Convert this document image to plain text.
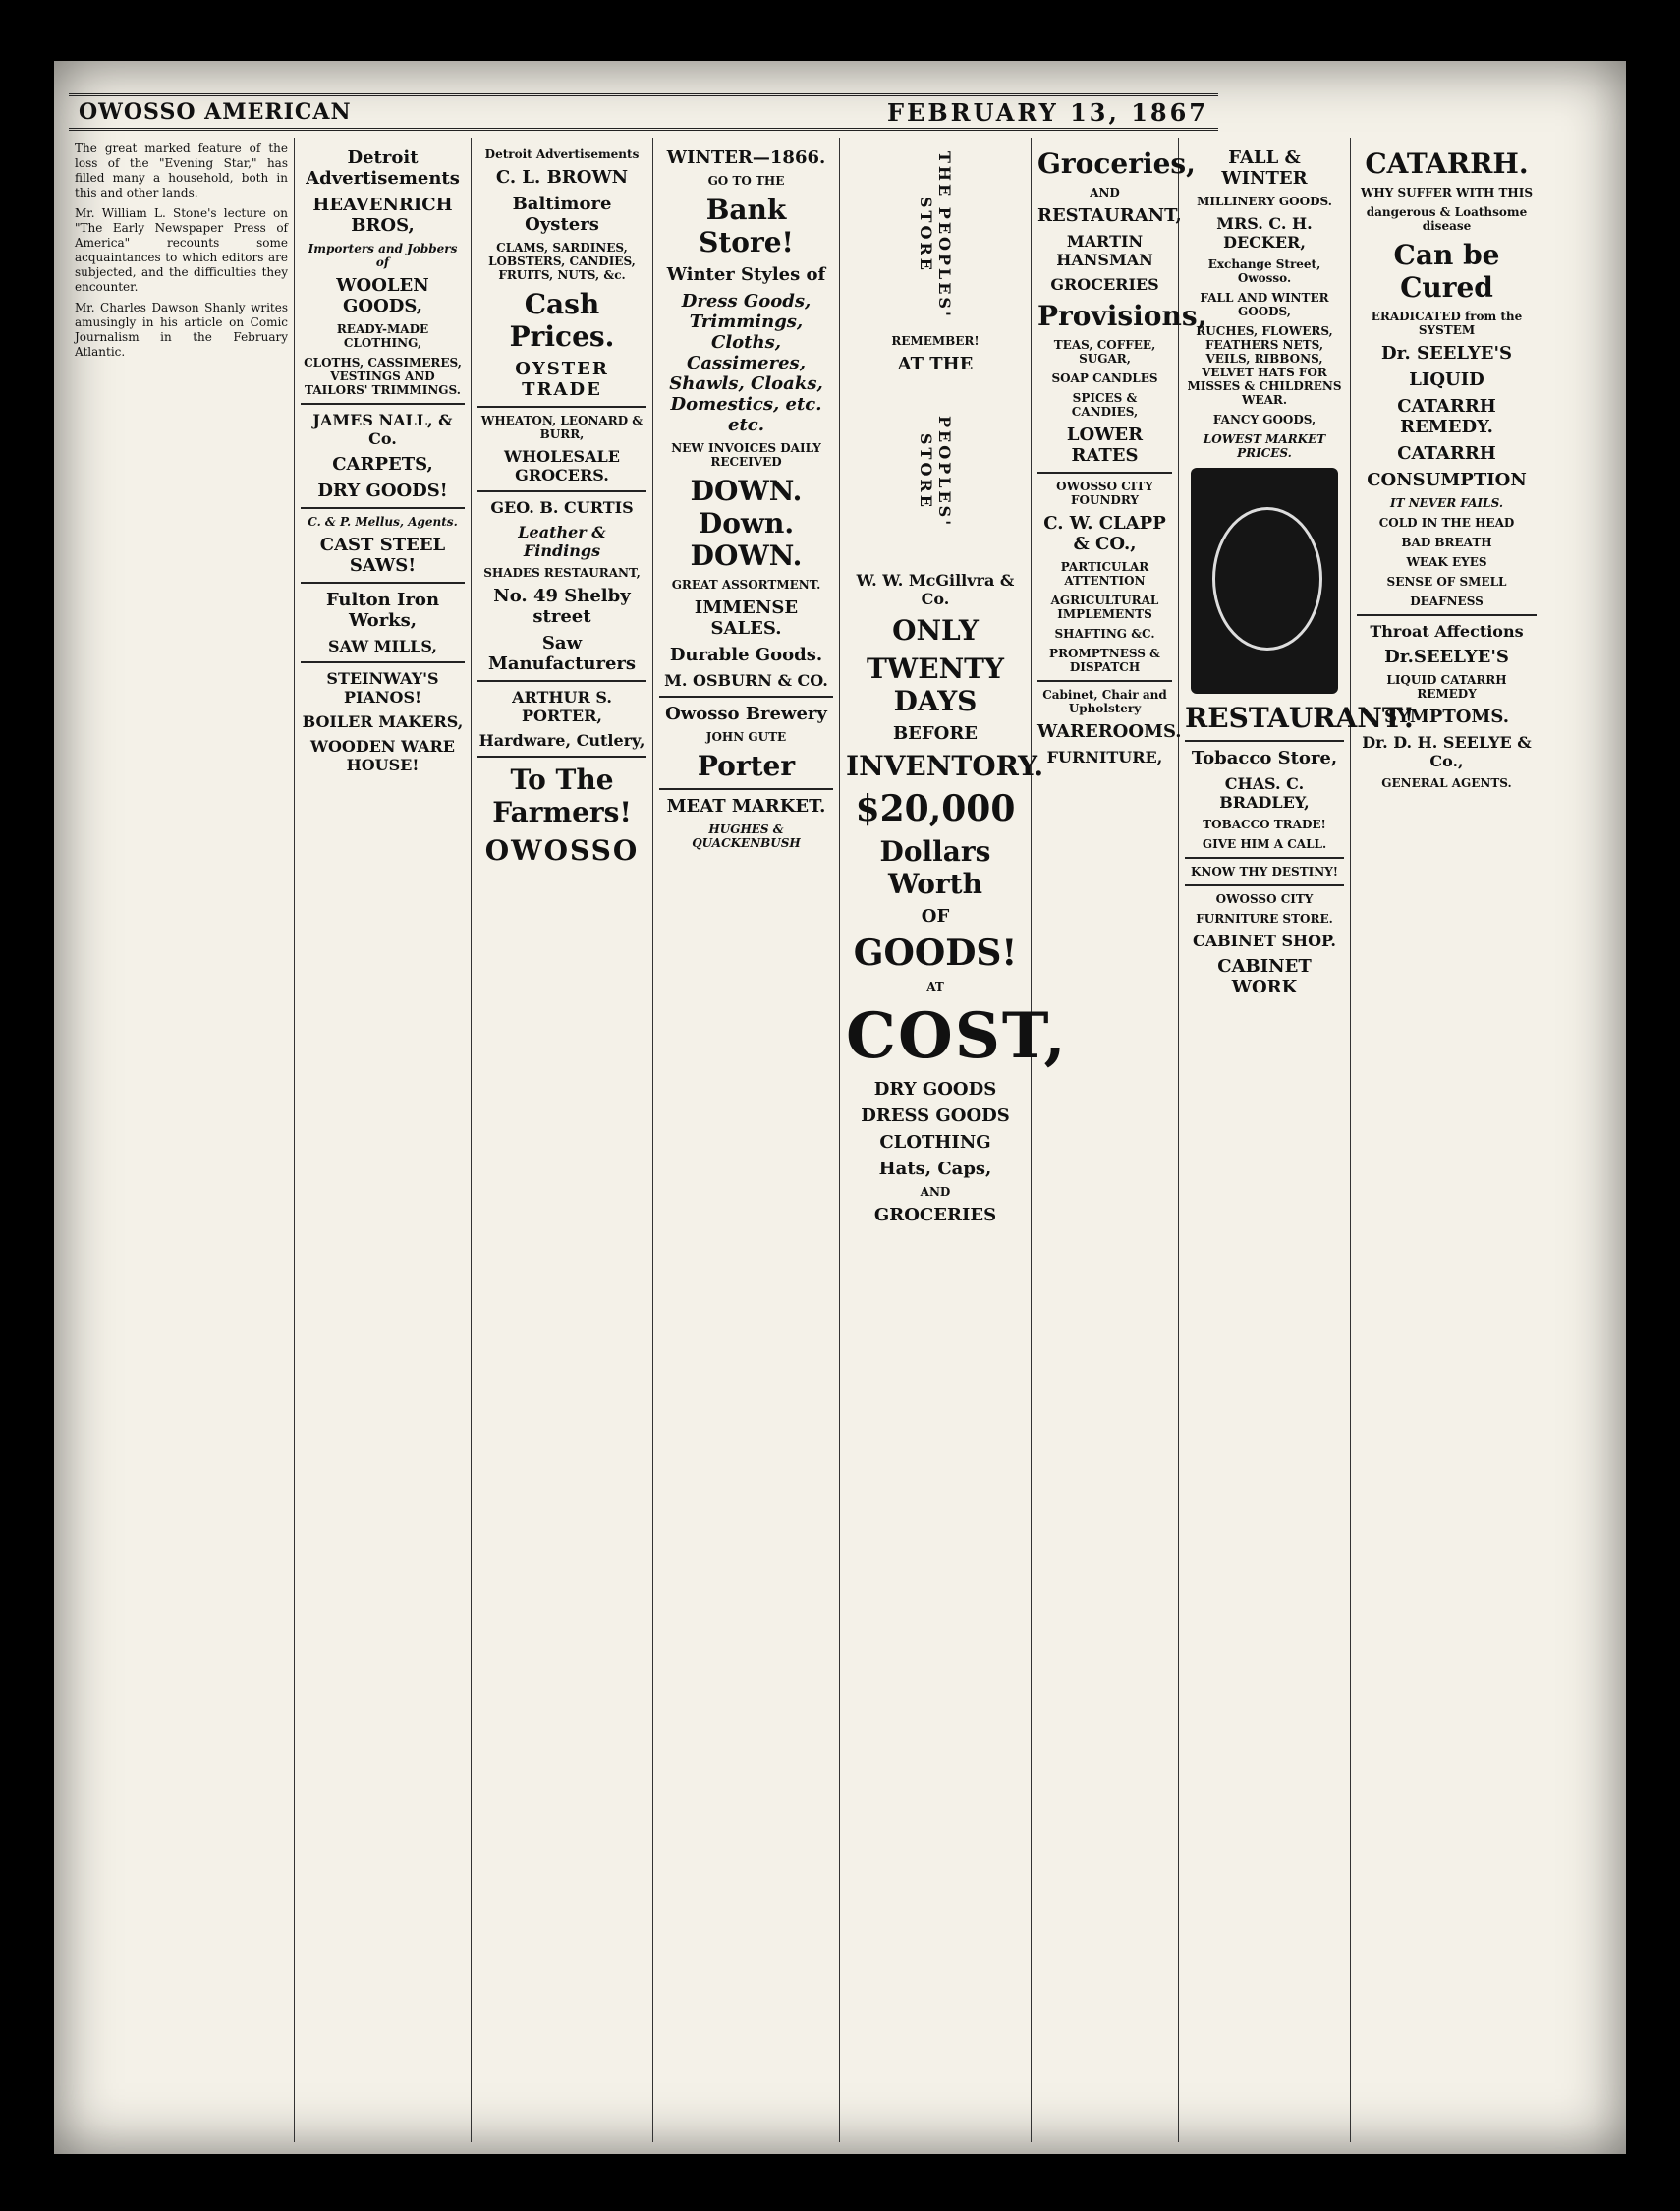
OWOSSO AMERICAN	FEBRUARY 13, 1867

The great marked feature of the loss of the "Evening Star," has filled many a household, both in this and other lands.

Mr. William L. Stone's lecture on "The Early Newspaper Press of America" recounts some acquaintances to which editors are subjected, and the difficulties they encounter.

Mr. Charles Dawson Shanly writes amusingly in his article on Comic Journalism in the February Atlantic.

Detroit Advertisements
HEAVENRICH BROS,
Importers and Jobbers of
WOOLEN GOODS,
READY-MADE CLOTHING,
CLOTHS, CASSIMERES, VESTINGS AND TAILORS' TRIMMINGS.
JAMES NALL, & Co.
CARPETS,
DRY GOODS!
C. & P. Mellus, Agents.
CAST STEEL SAWS!
Fulton Iron Works,
SAW MILLS,
STEINWAY'S PIANOS!
BOILER MAKERS,
WOODEN WARE HOUSE!
Detroit Advertisements
C. L. BROWN
Baltimore Oysters
CLAMS, SARDINES, LOBSTERS, CANDIES, FRUITS, NUTS, &c.
Cash Prices.
OYSTER TRADE
WHEATON, LEONARD & BURR,
WHOLESALE GROCERS.
GEO. B. CURTIS
Leather & Findings
SHADES RESTAURANT,
No. 49 Shelby street
Saw Manufacturers
ARTHUR S. PORTER,
Hardware, Cutlery,
To The Farmers!
OWOSSO
WINTER—1866.
GO TO THE
Bank Store!
Winter Styles of
Dress Goods, Trimmings, Cloths, Cassimeres, Shawls, Cloaks, Domestics, etc. etc.
NEW INVOICES DAILY RECEIVED
DOWN. Down. DOWN.
GREAT ASSORTMENT.
IMMENSE SALES.
Durable Goods.
M. OSBURN & CO.
Owosso Brewery
JOHN GUTE
Porter
MEAT MARKET.
HUGHES & QUACKENBUSH
THE PEOPLES' STORE
REMEMBER!
AT THE
PEOPLES' STORE
W. W. McGillvra & Co.
ONLY
TWENTY DAYS
BEFORE
INVENTORY.
$20,000
Dollars Worth
OF
GOODS!
AT
COST,
DRY GOODS
DRESS GOODS
CLOTHING
Hats, Caps,
AND
GROCERIES
Groceries,
AND
RESTAURANT,
MARTIN HANSMAN
GROCERIES
Provisions,
TEAS, COFFEE, SUGAR,
SOAP CANDLES
SPICES & CANDIES,
LOWER RATES
OWOSSO CITY FOUNDRY
C. W. CLAPP & CO.,
PARTICULAR ATTENTION
AGRICULTURAL IMPLEMENTS
SHAFTING &C.
PROMPTNESS & DISPATCH
Cabinet, Chair and Upholstery
WAREROOMS.
FURNITURE,
FALL & WINTER
MILLINERY GOODS.
MRS. C. H. DECKER,
Exchange Street, Owosso.
FALL AND WINTER GOODS,
RUCHES, FLOWERS, FEATHERS NETS, VEILS, RIBBONS, VELVET HATS FOR MISSES & CHILDRENS WEAR.
FANCY GOODS,
LOWEST MARKET PRICES.
RESTAURANT!
Tobacco Store,
CHAS. C. BRADLEY,
TOBACCO TRADE!
GIVE HIM A CALL.
KNOW THY DESTINY!
OWOSSO CITY
FURNITURE STORE.
CABINET SHOP.
CABINET WORK
CATARRH.
WHY SUFFER WITH THIS
dangerous & Loathsome disease
Can be Cured
ERADICATED from the SYSTEM
Dr. SEELYE'S
LIQUID
CATARRH REMEDY.
CATARRH
CONSUMPTION
IT NEVER FAILS.
COLD IN THE HEAD
BAD BREATH
WEAK EYES
SENSE OF SMELL
DEAFNESS
Throat Affections
Dr.SEELYE'S
LIQUID CATARRH REMEDY
SYMPTOMS.
Dr. D. H. SEELYE & Co.,
GENERAL AGENTS.
